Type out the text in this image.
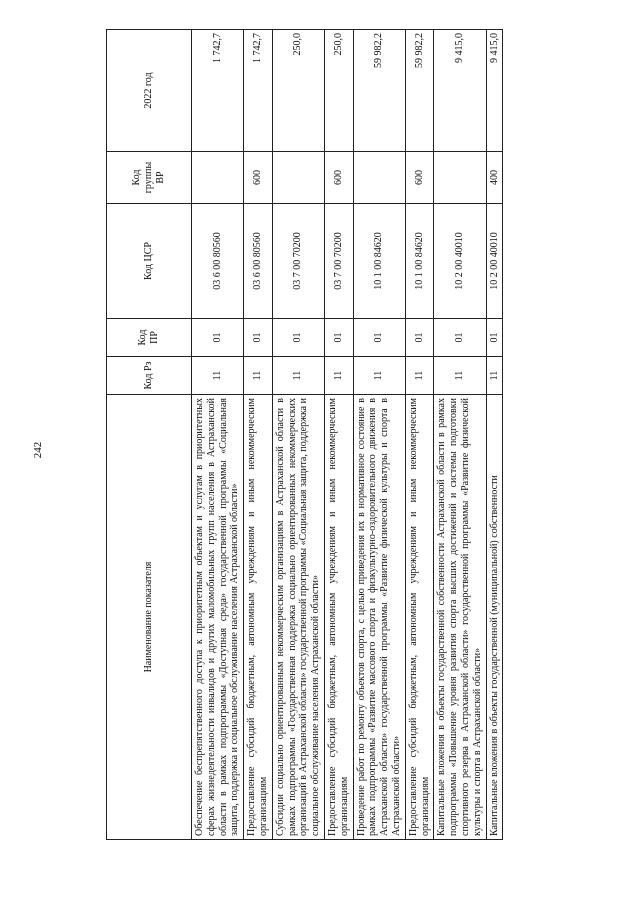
242
Наименование показателя	Код Рз	Код ПР	Код ЦСР	Код группы ВР	2022 год
Обеспечение беспрепятственного доступа к приоритетным объектам и услугам в приоритетных сферах жизнедеятельности инвалидов и других маломобильных групп населения в Астраханской области в рамках подпрограммы «Доступная среда» государственной программы «Социальная защита, поддержка и социальное обслуживание населения Астраханской области»	11	01	03 6 00 80560		1 742,7
Предоставление субсидий бюджетным, автономным учреждениям и иным некоммерческим организациям	11	01	03 6 00 80560	600	1 742,7
Субсидии социально ориентированным некоммерческим организациям в Астраханской области в рамках подпрограммы «Государственная поддержка социально ориентированных некоммерческих организаций в Астраханской области» государственной программы «Социальная защита, поддержка и социальное обслуживание населения Астраханской области»	11	01	03 7 00 70200		250,0
Предоставление субсидий бюджетным, автономным учреждениям и иным некоммерческим организациям	11	01	03 7 00 70200	600	250,0
Проведение работ по ремонту объектов спорта, с целью приведения их в нормативное состояние в рамках подпрограммы «Развитие массового спорта и физкультурно-оздоровительного движения в Астраханской области» государственной программы «Развитие физической культуры и спорта в Астраханской области»	11	01	10 1 00 84620		59 982,2
Предоставление субсидий бюджетным, автономным учреждениям и иным некоммерческим организациям	11	01	10 1 00 84620	600	59 982,2
Капитальные вложения в объекты государственной собственности Астраханской области в рамках подпрограммы «Повышение уровня развития спорта высших достижений и системы подготовки спортивного резерва в Астраханской области» государственной программы «Развитие физической культуры и спорта в Астраханской области»	11	01	10 2 00 40010		9 415,0
Капитальные вложения в объекты государственной (муниципальной) собственности	11	01	10 2 00 40010	400	9 415,0
